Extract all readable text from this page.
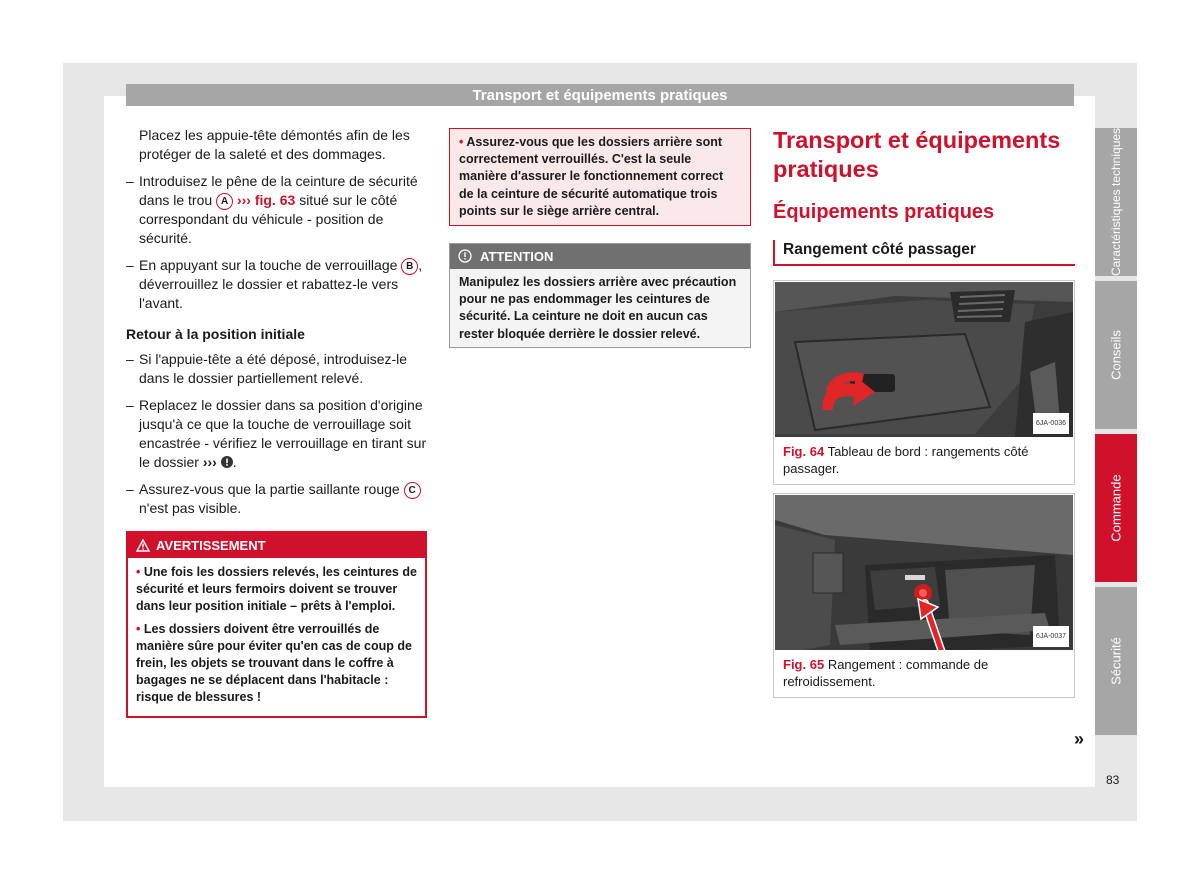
Transport et équipements pratiques

Placez les appuie-tête démontés afin de les protéger de la saleté et des dommages.

– Introduisez le pêne de la ceinture de sécurité dans le trou A ››› fig. 63 situé sur le côté correspondant du véhicule - position de sécurité.
– En appuyant sur la touche de verrouillage B , déverrouillez le dossier et rabattez-le vers l'avant.
Retour à la position initiale
– Si l'appuie-tête a été déposé, introduisez-le dans le dossier partiellement relevé.
– Replacez le dossier dans sa position d'origine jusqu'à ce que la touche de verrouillage soit encastrée - vérifiez le verrouillage en tirant sur le dossier ››› .
– Assurez-vous que la partie saillante rouge C n'est pas visible.
AVERTISSEMENT

• Une fois les dossiers relevés, les ceintures de sécurité et leurs fermoirs doivent se trouver dans leur position initiale – prêts à l'emploi.

• Les dossiers doivent être verrouillés de manière sûre pour éviter qu'en cas de coup de frein, les objets se trouvant dans le coffre à bagages ne se déplacent dans l'habitacle : risque de blessures !

• Assurez-vous que les dossiers arrière sont correctement verrouillés. C'est la seule manière d'assurer le fonctionnement correct de la ceinture de sécurité automatique trois points sur le siège arrière central.
ATTENTION
Manipulez les dossiers arrière avec précaution pour ne pas endommager les ceintures de sécurité. La ceinture ne doit en aucun cas rester bloquée derrière le dossier relevé.
Transport et équipements pratiques
Équipements pratiques
Rangement côté passager
6JA-0036
Fig. 64 Tableau de bord : rangements côté passager.
6JA-0037
Fig. 65 Rangement : commande de refroidissement.
»
Caractéristiques techniques
Conseils
Commande
Sécurité
83
